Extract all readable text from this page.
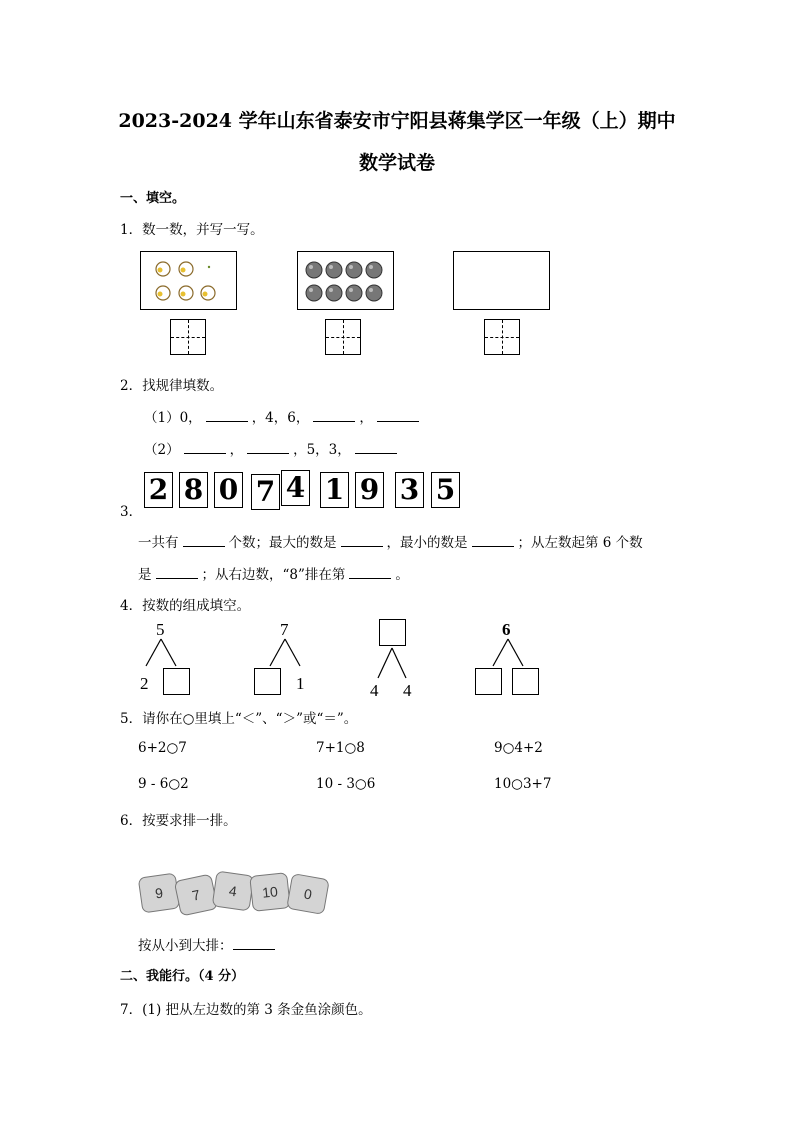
2023-2024 学年山东省泰安市宁阳县蒋集学区一年级（上）期中
数学试卷
一、填空。
1．数一数，并写一写。
2．找规律填数。
（1）0，	，4，6，	，
（2）	，	，5，3，
2 8 0 7 4 1 9 3 5
3．
一共有	个数；最大的数是	，最小的数是	；从左数起第 6 个数
是	；从右边数，“8”排在第	。
4．按数的组成填空。
5
2
7
1	4 4
6
5．请你在○里填上“＜”、“＞”或“＝”。
6+2○7	7+1○8	9○4+2
9 - 6○2	10 - 3○6	10○3+7
6．按要求排一排。
9	7	4	10	0
按从小到大排：
二、我能行。（4 分）
7．(1) 把从左边数的第 3 条金鱼涂颜色。
